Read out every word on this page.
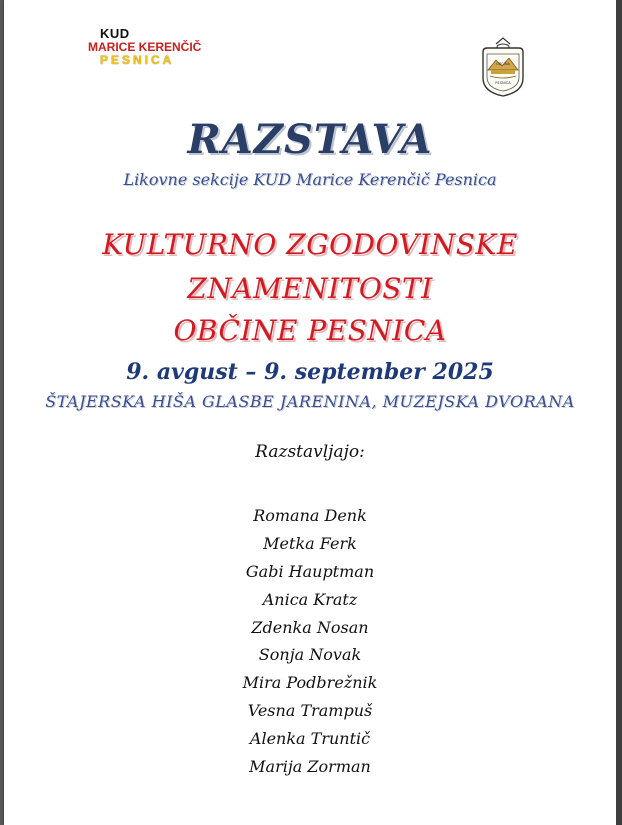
KUD
MARICE KERENČIČ
PESNICA	OBČINA
PESNICA
RAZSTAVA
Likovne sekcije KUD Marice Kerenčič Pesnica
KULTURNO ZGODOVINSKE
ZNAMENITOSTI
OBČINE PESNICA
9. avgust – 9. september 2025
ŠTAJERSKA HIŠA GLASBE JARENINA, MUZEJSKA DVORANA
Razstavljajo:
Romana Denk
Metka Ferk
Gabi Hauptman
Anica Kratz
Zdenka Nosan
Sonja Novak
Mira Podbrežnik
Vesna Trampuš
Alenka Truntič
Marija Zorman
